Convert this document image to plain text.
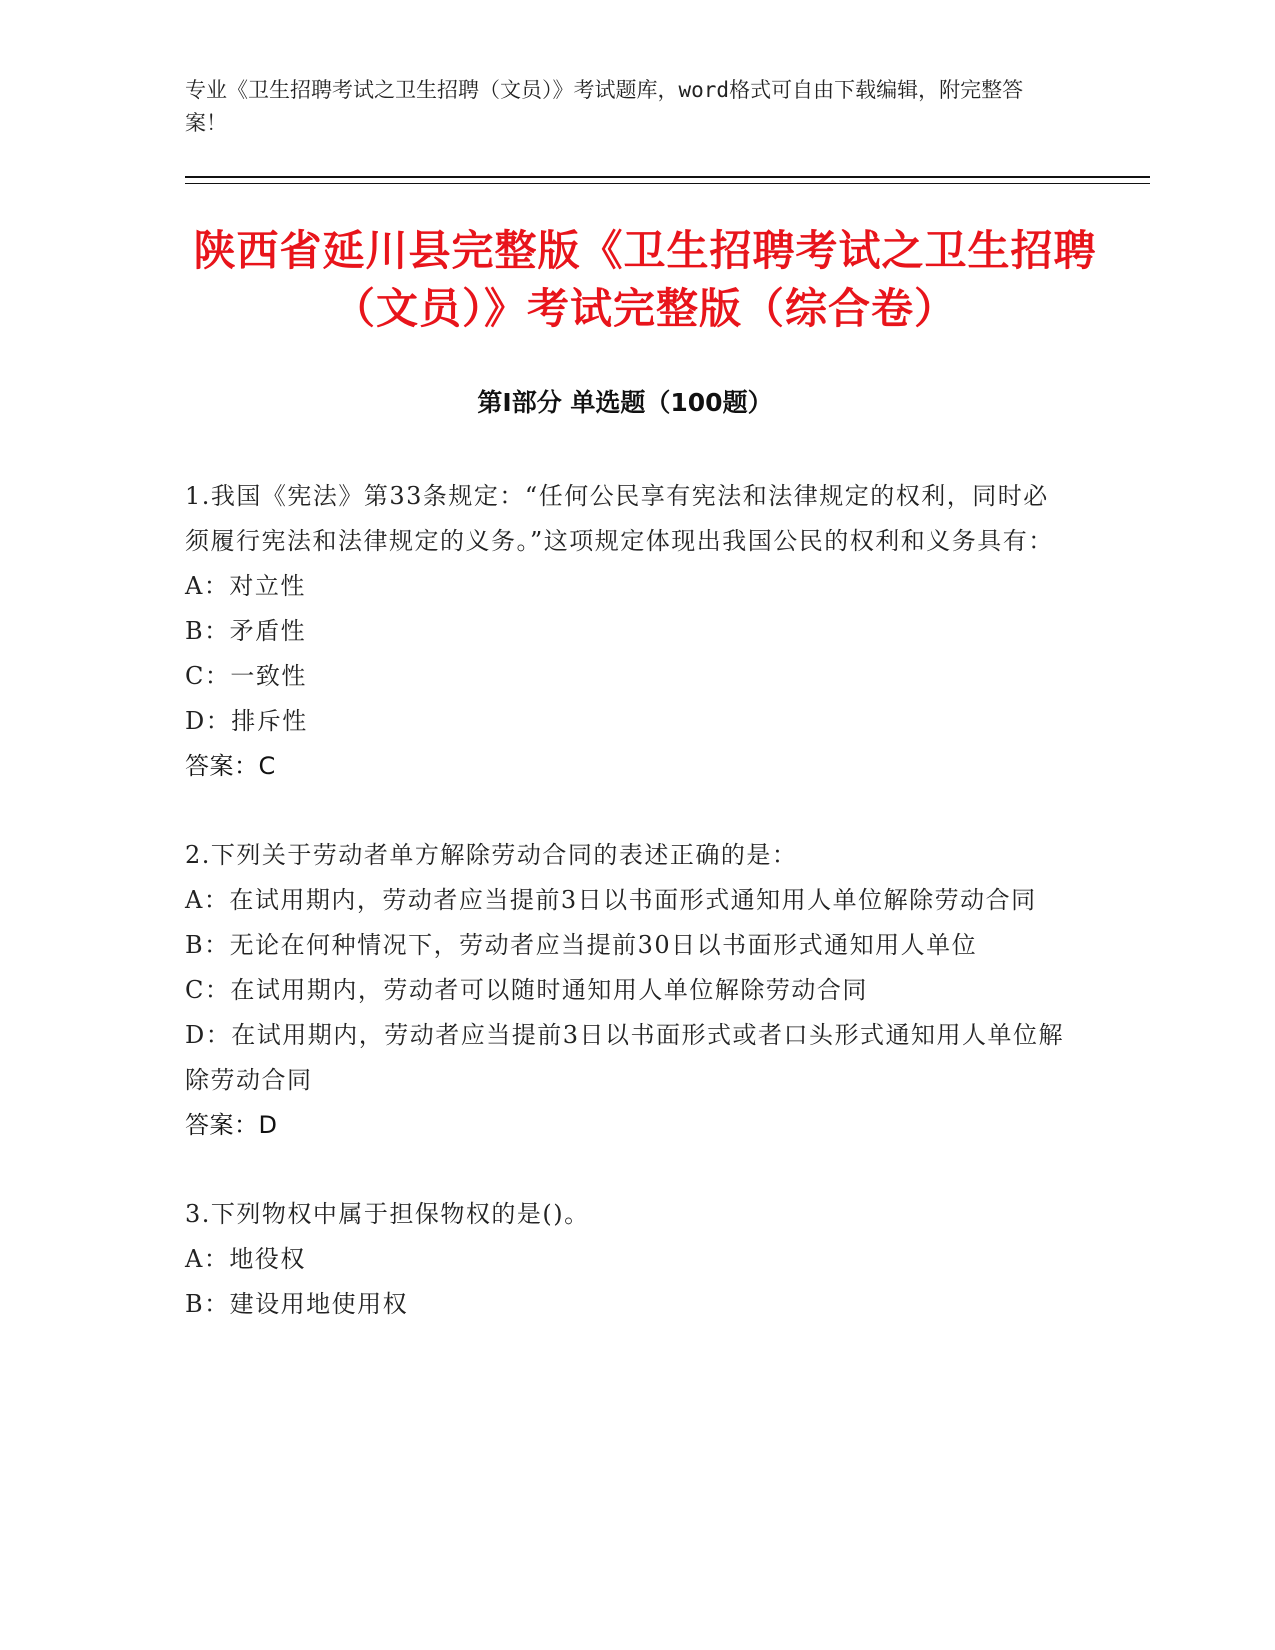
专业《卫生招聘考试之卫生招聘（文员）》考试题库，word格式可自由下载编辑，附完整答案！
陕西省延川县完整版《卫生招聘考试之卫生招聘（文员）》考试完整版（综合卷）
第I部分 单选题（100题）
1.我国《宪法》第33条规定：“任何公民享有宪法和法律规定的权利，同时必须履行宪法和法律规定的义务。”这项规定体现出我国公民的权利和义务具有：
A：对立性
B：矛盾性
C：一致性
D：排斥性
答案：C
2.下列关于劳动者单方解除劳动合同的表述正确的是：
A：在试用期内，劳动者应当提前3日以书面形式通知用人单位解除劳动合同
B：无论在何种情况下，劳动者应当提前30日以书面形式通知用人单位
C：在试用期内，劳动者可以随时通知用人单位解除劳动合同
D：在试用期内，劳动者应当提前3日以书面形式或者口头形式通知用人单位解除劳动合同
答案：D
3.下列物权中属于担保物权的是()。
A：地役权
B：建设用地使用权
